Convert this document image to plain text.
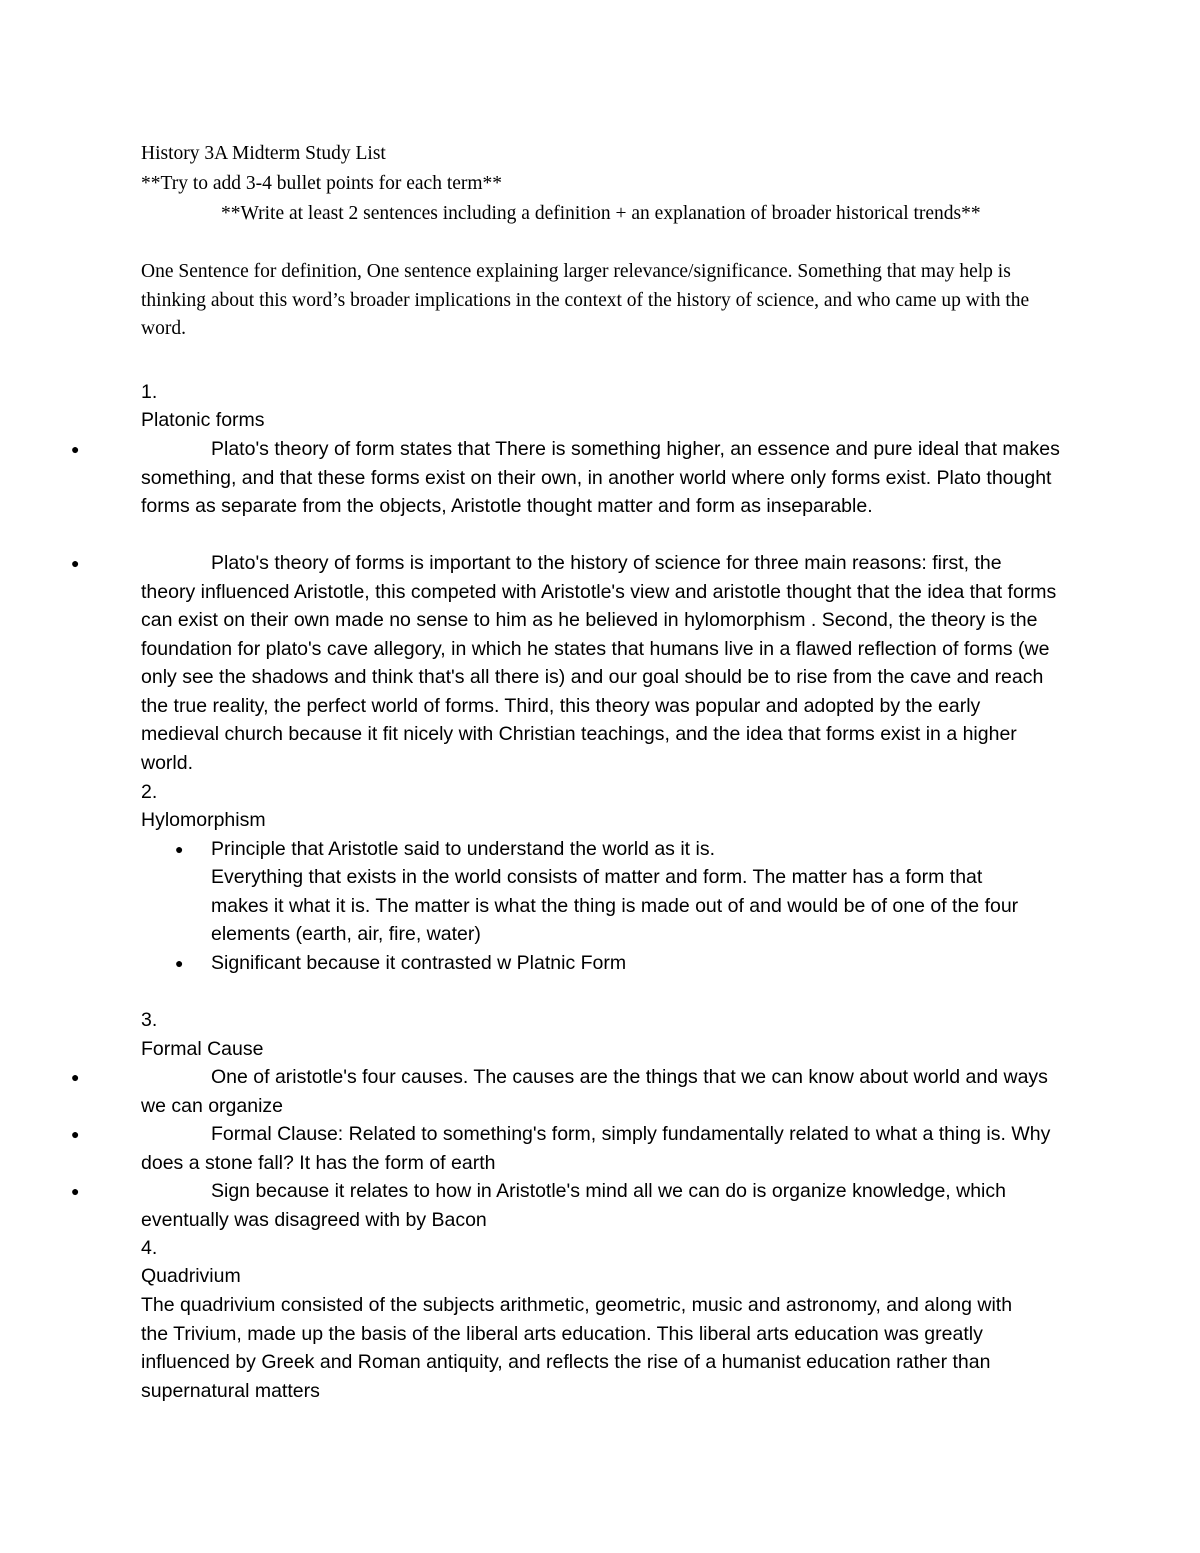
History 3A Midterm Study List
**Try to add 3-4 bullet points for each term**
**Write at least 2 sentences including a definition + an explanation of broader historical trends**
One Sentence for definition, One sentence explaining larger relevance/significance. Something that may help is thinking about this word’s broader implications in the context of the history of science, and who came up with the word.
1.
Platonic forms
●	Plato's theory of form states that There is something higher, an essence and pure ideal that makes something, and that these forms exist on their own, in another world where only forms exist. Plato thought forms as separate from the objects, Aristotle thought matter and form as inseparable.
●	Plato's theory of forms is important to the history of science for three main reasons: first, the theory influenced Aristotle, this competed with Aristotle's view and aristotle thought that the idea that forms can exist on their own made no sense to him as he believed in hylomorphism . Second, the theory is the foundation for plato's cave allegory, in which he states that humans live in a flawed reflection of forms (we only see the shadows and think that's all there is) and our goal should be to rise from the cave and reach the true reality, the perfect world of forms. Third, this theory was popular and adopted by the early medieval church because it fit nicely with Christian teachings, and the idea that forms exist in a higher world.
2.
Hylomorphism
● Principle that Aristotle said to understand the world as it is.
Everything that exists in the world consists of matter and form. The matter has a form that makes it what it is. The matter is what the thing is made out of and would be of one of the four elements (earth, air, fire, water)
● Significant because it contrasted w Platnic Form
3.
Formal Cause
●	One of aristotle's four causes. The causes are the things that we can know about world and ways we can organize
●	Formal Clause: Related to something's form, simply fundamentally related to what a thing is. Why does a stone fall? It has the form of earth
●	Sign because it relates to how in Aristotle's mind all we can do is organize knowledge, which eventually was disagreed with by Bacon
4.
Quadrivium
The quadrivium consisted of the subjects arithmetic, geometric, music and astronomy, and along with the Trivium, made up the basis of the liberal arts education. This liberal arts education was greatly influenced by Greek and Roman antiquity, and reflects the rise of a humanist education rather than supernatural matters
